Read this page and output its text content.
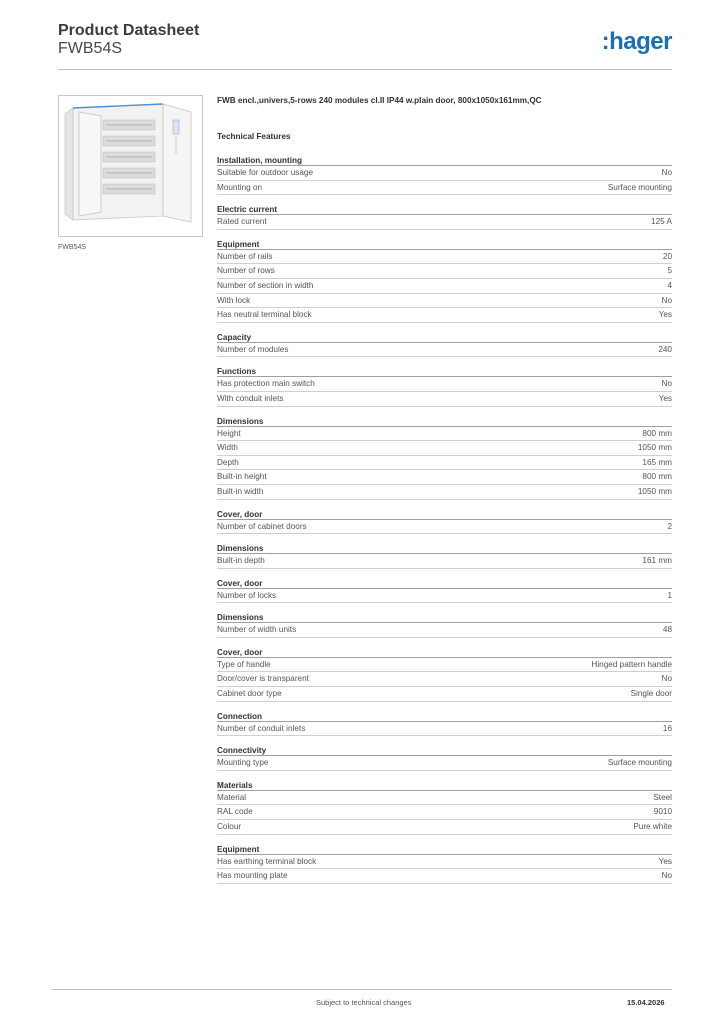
Product Datasheet
FWB54S	:hager
FWB54S
FWB encl.,univers,5-rows 240 modules cl.II IP44 w.plain door, 800x1050x161mm,QC
Technical Features
Installation, mounting
Suitable for outdoor usage	No
Mounting on	Surface mounting
Electric current
Rated current	125 A
Equipment
Number of rails	20
Number of rows	5
Number of section in width	4
With lock	No
Has neutral terminal block	Yes
Capacity
Number of modules	240
Functions
Has protection main switch	No
With conduit inlets	Yes
Dimensions
Height	800 mm
Width	1050 mm
Depth	165 mm
Built-in height	800 mm
Built-in width	1050 mm
Cover, door
Number of cabinet doors	2
Dimensions
Built-in depth	161 mm
Cover, door
Number of locks	1
Dimensions
Number of width units	48
Cover, door
Type of handle	Hinged pattern handle
Door/cover is transparent	No
Cabinet door type	Single door
Connection
Number of conduit inlets	16
Connectivity
Mounting type	Surface mounting
Materials
Material	Steel
RAL code	9010
Colour	Pure white
Equipment
Has earthing terminal block	Yes
Has mounting plate	No
Subject to technical changes	15.04.2026
